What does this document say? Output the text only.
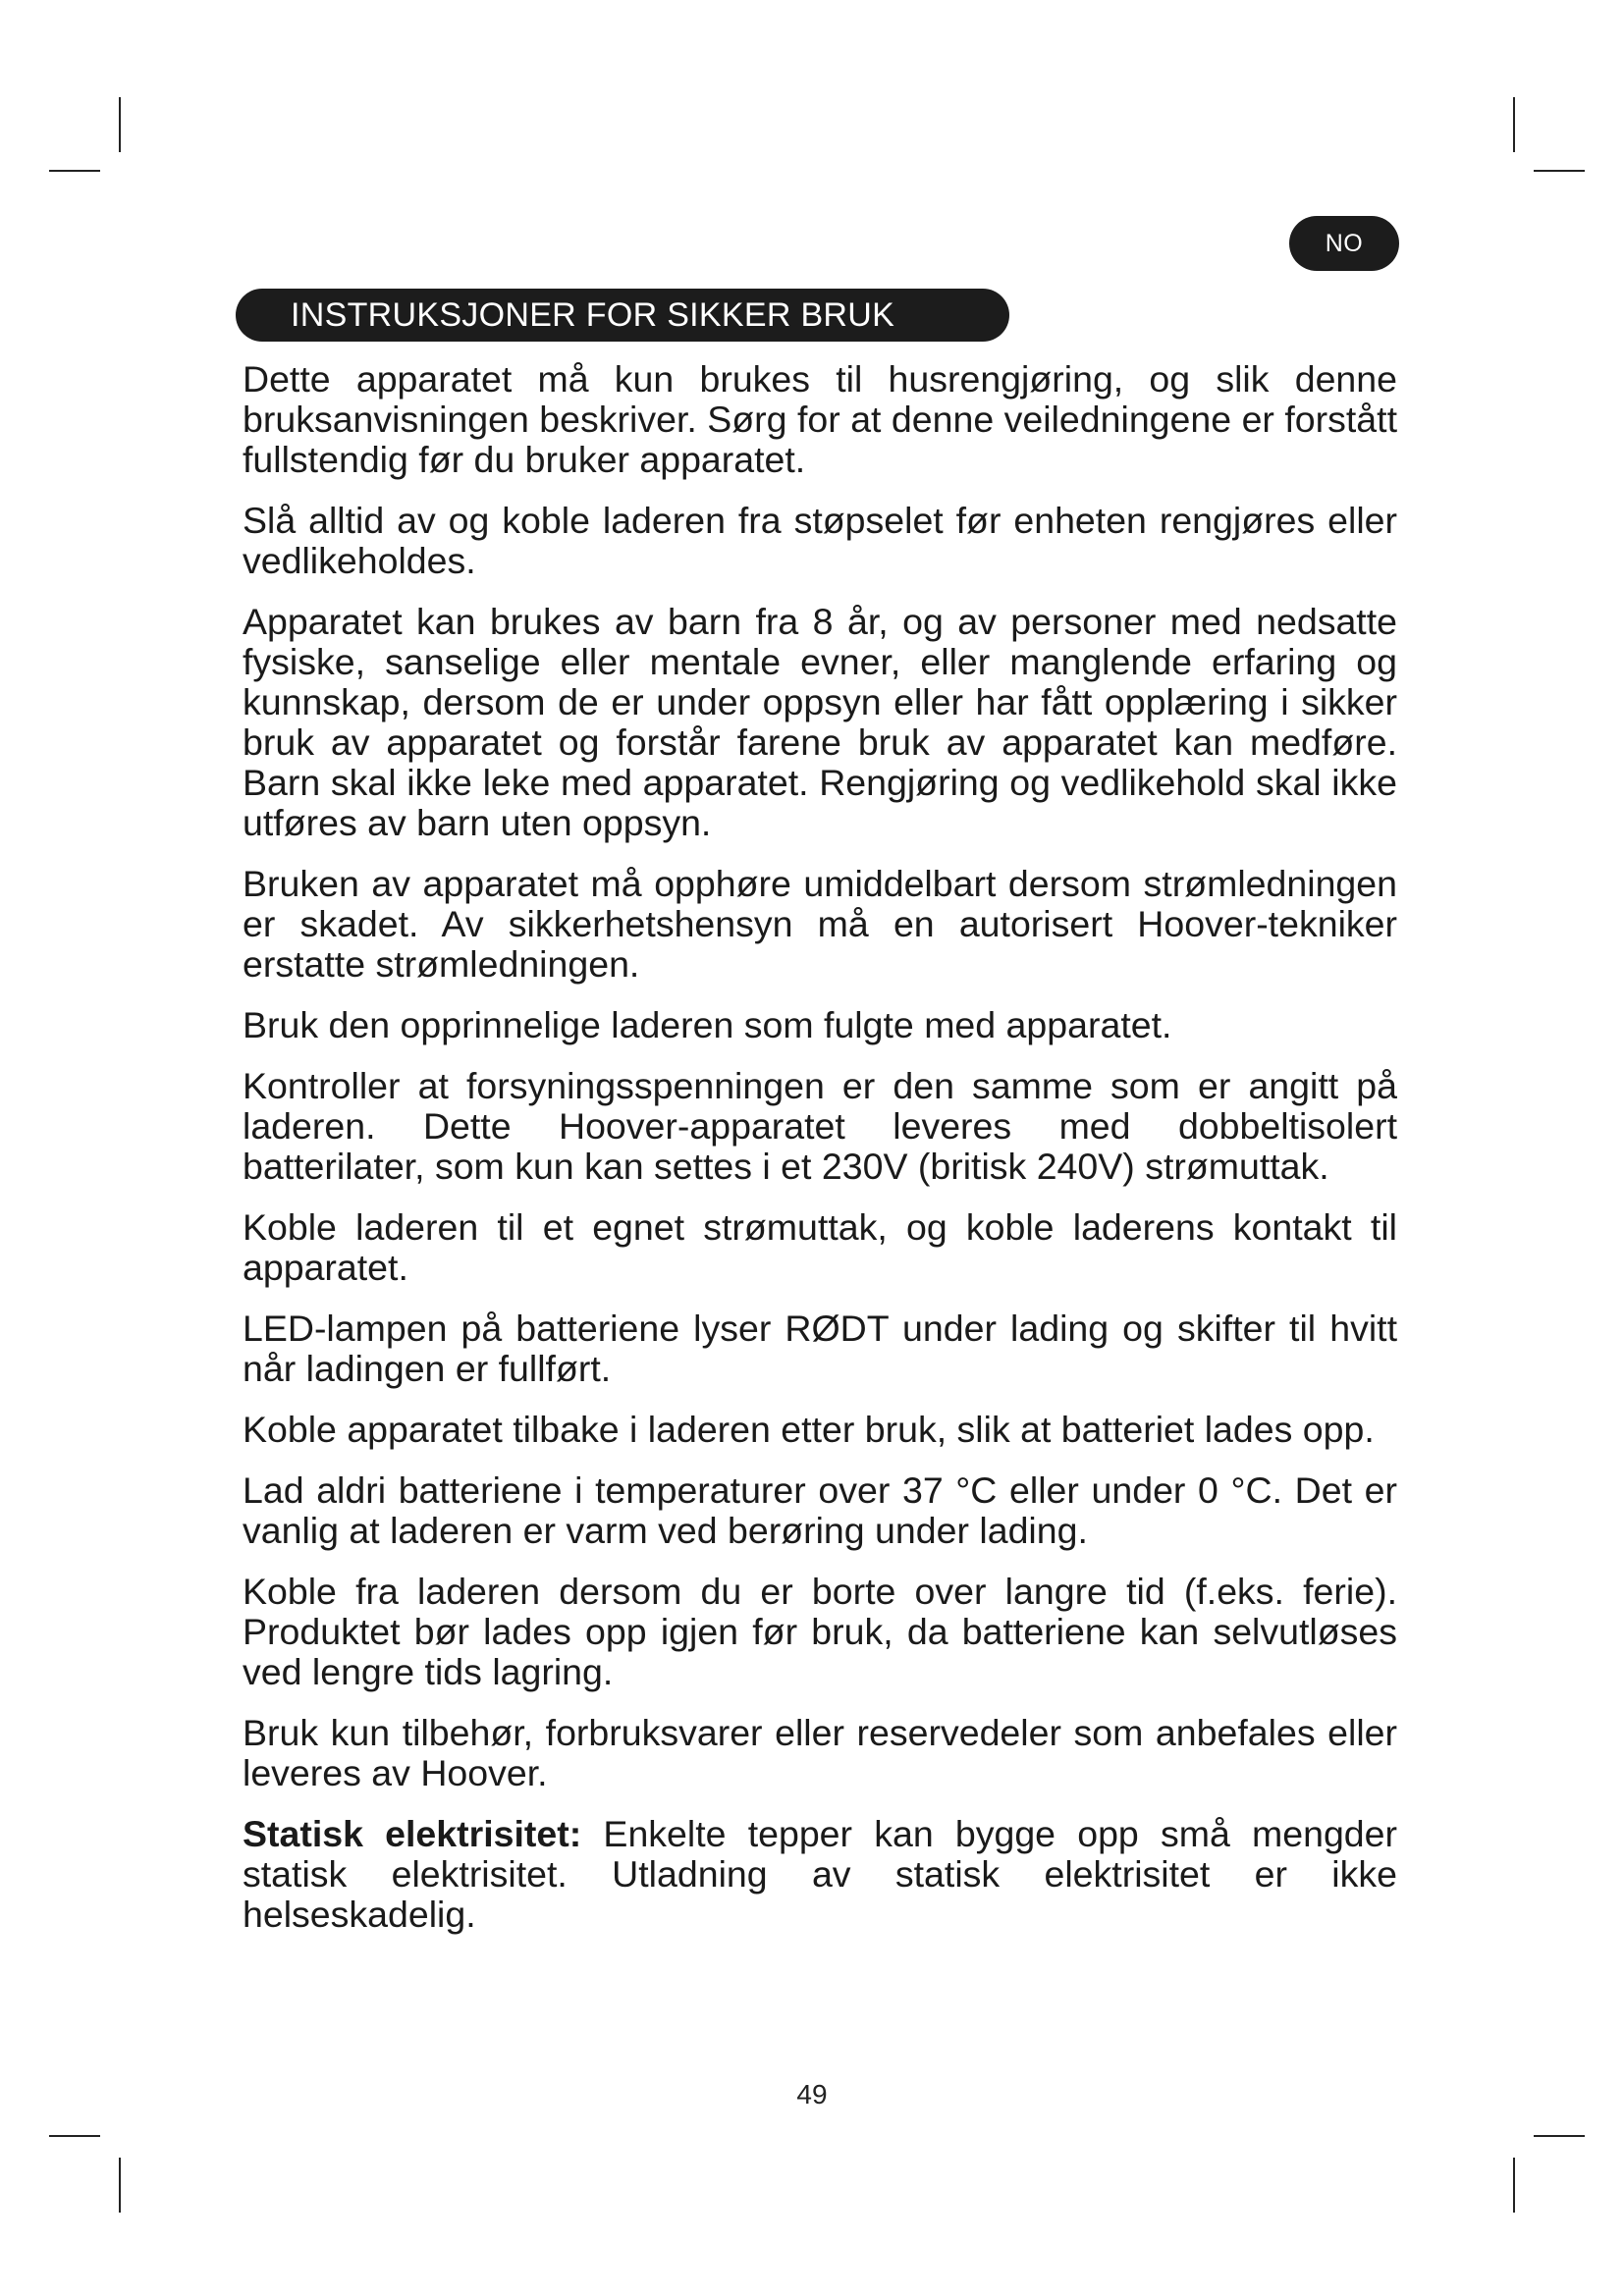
NO
INSTRUKSJONER FOR SIKKER BRUK

Dette apparatet må kun brukes til husrengjøring, og slik denne bruksanvisningen beskriver. Sørg for at denne veiledningene er forstått fullstendig før du bruker apparatet.

Slå alltid av og koble laderen fra støpselet før enheten rengjøres eller vedlikeholdes.

Apparatet kan brukes av barn fra 8 år, og av personer med nedsatte fysiske, sanselige eller mentale evner, eller manglende erfaring og kunnskap, dersom de er under oppsyn eller har fått opplæring i sikker bruk av apparatet og forstår farene bruk av apparatet kan medføre. Barn skal ikke leke med apparatet. Rengjøring og vedlikehold skal ikke utføres av barn uten oppsyn.

Bruken av apparatet må opphøre umiddelbart dersom strømledningen er skadet. Av sikkerhetshensyn må en autorisert Hoover-tekniker erstatte strømledningen.

Bruk den opprinnelige laderen som fulgte med apparatet.

Kontroller at forsyningsspenningen er den samme som er angitt på laderen. Dette Hoover-apparatet leveres med dobbeltisolert batterilater, som kun kan settes i et 230V (britisk 240V) strømuttak.

Koble laderen til et egnet strømuttak, og koble laderens kontakt til apparatet.

LED-lampen på batteriene lyser RØDT under lading og skifter til hvitt når ladingen er fullført.

Koble apparatet tilbake i laderen etter bruk, slik at batteriet lades opp.

Lad aldri batteriene i temperaturer over 37 °C eller under 0 °C. Det er vanlig at laderen er varm ved berøring under lading.

Koble fra laderen dersom du er borte over langre tid (f.eks. ferie). Produktet bør lades opp igjen før bruk, da batteriene kan selvutløses ved lengre tids lagring.

Bruk kun tilbehør, forbruksvarer eller reservedeler som anbefales eller leveres av Hoover.

Statisk elektrisitet: Enkelte tepper kan bygge opp små mengder statisk elektrisitet. Utladning av statisk elektrisitet er ikke helseskadelig.

49
